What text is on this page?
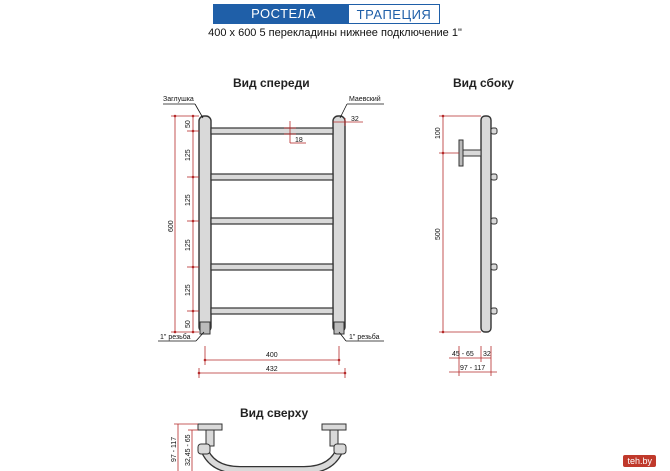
РОСТЕЛА	ТРАПЕЦИЯ
400 x 600 5 перекладины нижнее подключение 1"
Вид спереди	Вид сбоку
Вид сверху
Заглушка	Маевский
1" резьба	1" резьба
50
125
125
125
125
50
600
32
18
400
432
100
500
45 - 65 32
97 - 117
97 - 117 32,45 - 65	teh.by
